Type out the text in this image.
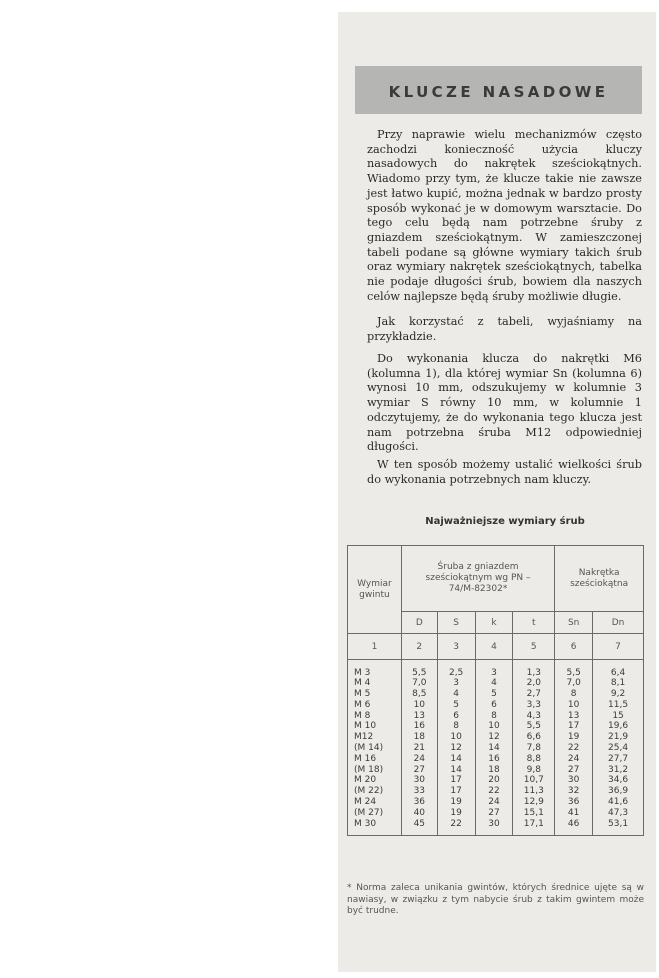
KLUCZE NASADOWE

Przy naprawie wielu mechanizmów często zachodzi konieczność użycia kluczy nasadowych do nakrętek sześciokątnych. Wiadomo przy tym, że klucze takie nie zawsze jest łatwo kupić, można jednak w bardzo prosty sposób wykonać je w domowym warsztacie. Do tego celu będą nam potrzebne śruby z gniazdem sześciokątnym. W zamieszczonej tabeli podane są główne wymiary takich śrub oraz wymiary nakrętek sześciokątnych, tabelka nie podaje długości śrub, bowiem dla naszych celów najlepsze będą śruby możliwie długie.

Jak korzystać z tabeli, wyjaśniamy na przykładzie.

Do wykonania klucza do nakrętki M6 (kolumna 1), dla której wymiar Sn (kolumna 6) wynosi 10 mm, odszukujemy w kolumnie 3 wymiar S równy 10 mm, w kolumnie 1 odczytujemy, że do wykonania tego klucza jest nam potrzebna śruba M12 odpowiedniej długości.

W ten sposób możemy ustalić wielkości śrub do wykonania potrzebnych nam kluczy.

Najważniejsze wymiary śrub
Wymiar gwintu	Śruba z gniazdem sześciokątnym wg PN – 74/M-82302*				Nakrętka sześciokątna	
	D	S	k	t	Sn	Dn
1	2	3	4	5	6	7

M 3	5,5	2,5	3	1,3	5,5	6,4
M 4	7,0	3	4	2,0	7,0	8,1
M 5	8,5	4	5	2,7	8	9,2
M 6	10	5	6	3,3	10	11,5
M 8	13	6	8	4,3	13	15
M 10	16	8	10	5,5	17	19,6
M12	18	10	12	6,6	19	21,9
(M 14)	21	12	14	7,8	22	25,4
M 16	24	14	16	8,8	24	27,7
(M 18)	27	14	18	9,8	27	31,2
M 20	30	17	20	10,7	30	34,6
(M 22)	33	17	22	11,3	32	36,9
M 24	36	19	24	12,9	36	41,6
(M 27)	40	19	27	15,1	41	47,3
M 30	45	22	30	17,1	46	53,1

* Norma zaleca unikania gwintów, których średnice ujęte są w nawiasy, w związku z tym nabycie śrub z takim gwintem może być trudne.
